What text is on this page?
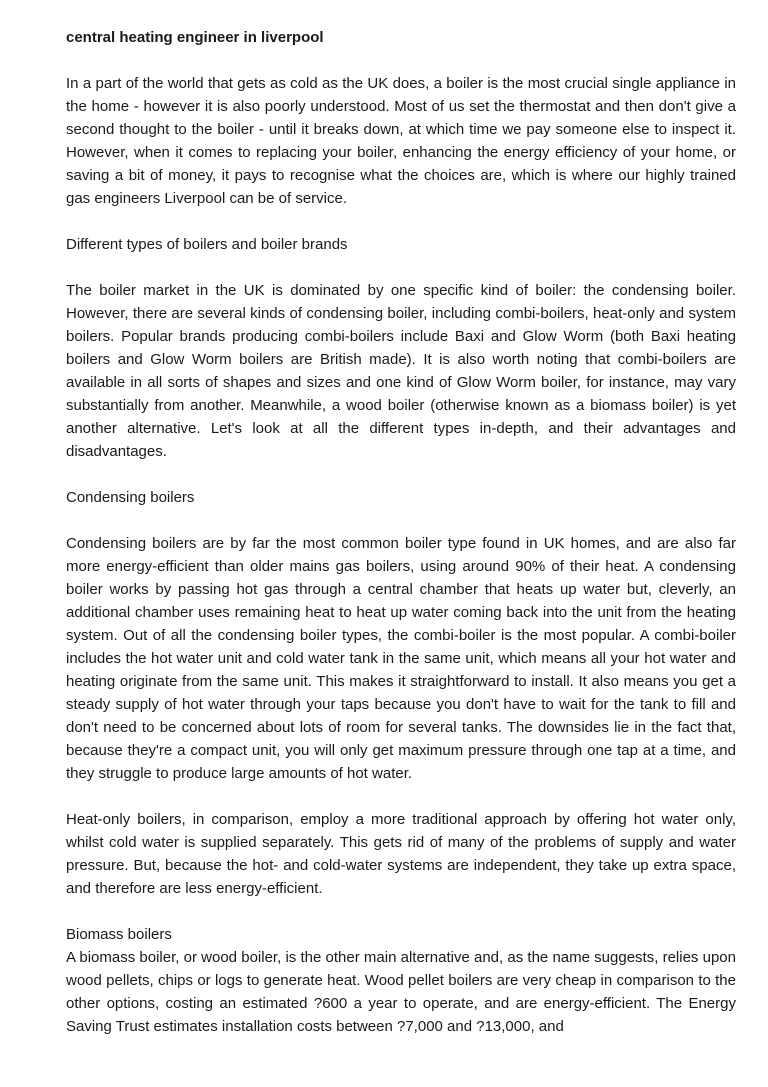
central heating engineer in liverpool

In a part of the world that gets as cold as the UK does, a boiler is the most crucial single appliance in the home - however it is also poorly understood. Most of us set the thermostat and then don't give a second thought to the boiler - until it breaks down, at which time we pay someone else to inspect it. However, when it comes to replacing your boiler, enhancing the energy efficiency of your home, or saving a bit of money, it pays to recognise what the choices are, which is where our highly trained gas engineers Liverpool can be of service.

Different types of boilers and boiler brands

The boiler market in the UK is dominated by one specific kind of boiler: the condensing boiler. However, there are several kinds of condensing boiler, including combi-boilers, heat-only and system boilers. Popular brands producing combi-boilers include Baxi and Glow Worm (both Baxi heating boilers and Glow Worm boilers are British made). It is also worth noting that combi-boilers are available in all sorts of shapes and sizes and one kind of Glow Worm boiler, for instance, may vary substantially from another. Meanwhile, a wood boiler (otherwise known as a biomass boiler) is yet another alternative. Let's look at all the different types in-depth, and their advantages and disadvantages.

Condensing boilers

Condensing boilers are by far the most common boiler type found in UK homes, and are also far more energy-efficient than older mains gas boilers, using around 90% of their heat. A condensing boiler works by passing hot gas through a central chamber that heats up water but, cleverly, an additional chamber uses remaining heat to heat up water coming back into the unit from the heating system. Out of all the condensing boiler types, the combi-boiler is the most popular. A combi-boiler includes the hot water unit and cold water tank in the same unit, which means all your hot water and heating originate from the same unit. This makes it straightforward to install. It also means you get a steady supply of hot water through your taps because you don't have to wait for the tank to fill and don't need to be concerned about lots of room for several tanks. The downsides lie in the fact that, because they're a compact unit, you will only get maximum pressure through one tap at a time, and they struggle to produce large amounts of hot water.

Heat-only boilers, in comparison, employ a more traditional approach by offering hot water only, whilst cold water is supplied separately. This gets rid of many of the problems of supply and water pressure. But, because the hot- and cold-water systems are independent, they take up extra space, and therefore are less energy-efficient.

Biomass boilers

A biomass boiler, or wood boiler, is the other main alternative and, as the name suggests, relies upon wood pellets, chips or logs to generate heat. Wood pellet boilers are very cheap in comparison to the other options, costing an estimated ?600 a year to operate, and are energy-efficient. The Energy Saving Trust estimates installation costs between ?7,000 and ?13,000, and
